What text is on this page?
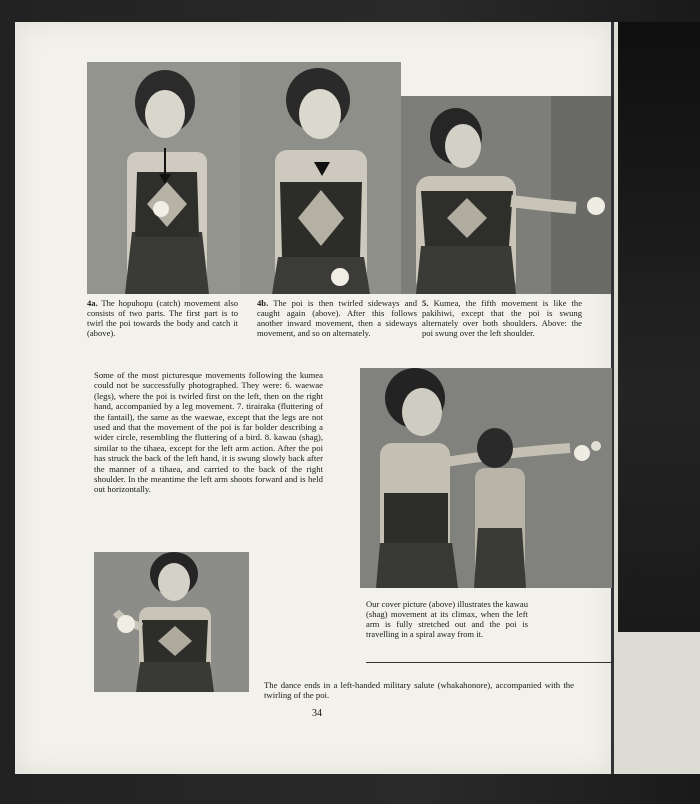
4a. The hopuhopu (catch) movement also consists of two parts. The first part is to twirl the poi towards the body and catch it (above).
4b. The poi is then twirled sideways and caught again (above). After this follows another inward movement, then a sideways movement, and so on alternately.
5. Kumea, the fifth movement is like the pakihiwi, except that the poi is swung alternately over both shoulders. Above: the poi swung over the left shoulder.
Some of the most picturesque movements following the kumea could not be successfully photographed. They were: 6. waewae (legs), where the poi is twirled first on the left, then on the right hand, accompanied by a leg movement. 7. tirairaka (fluttering of the fantail), the same as the waewae, except that the legs are not used and that the movement of the poi is far bolder describing a wider circle, resembling the fluttering of a bird. 8. kawau (shag), similar to the tihaea, except for the left arm action. After the poi has struck the back of the left hand, it is swung slowly back after the manner of a tihaea, and carried to the back of the right shoulder. In the meantime the left arm shoots forward and is held out horizontally.
Our cover picture (above) illustrates the kawau (shag) movement at its climax, when the left arm is fully stretched out and the poi is travelling in a spiral away from it.
The dance ends in a left-handed military salute (whakahonore), accompanied with the twirling of the poi.
34
